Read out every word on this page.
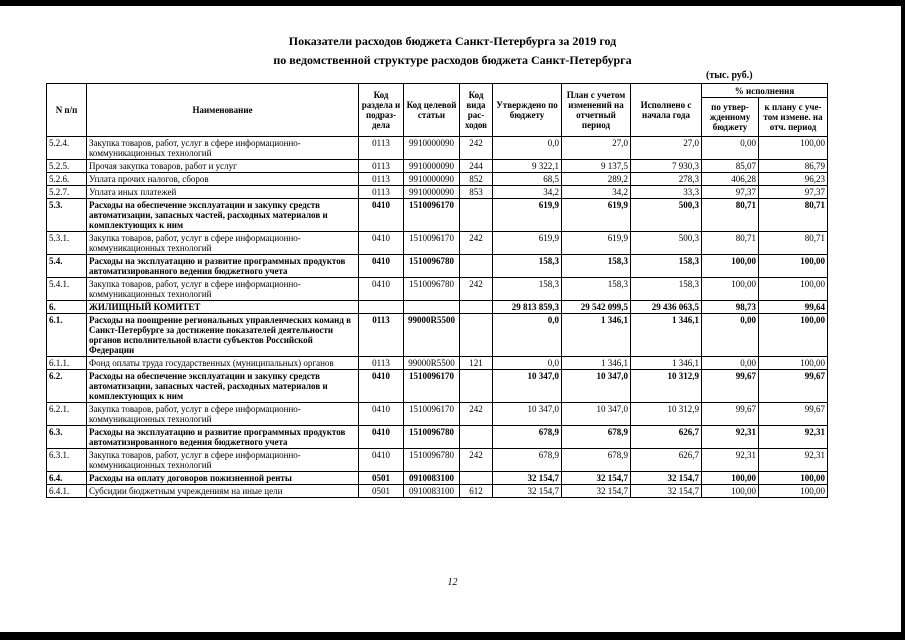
Показатели расходов бюджета Санкт-Петербурга за 2019 год
по ведомственной структуре расходов бюджета Санкт-Петербурга
(тыс. руб.)
N п/п	Наименование	Код раздела и подраз-дела	Код целевой статьи	Код вида рас-ходов	Утверждено по бюджету	План с учетом изменений на отчетный период	Исполнено с начала года	% исполнения	
								по утвер-жденному бюджету	к плану с уче-том измене. на отч. период
5.2.4.	Закупка товаров, работ, услуг в сфере информационно-коммуникационных технологий	0113	9910000090	242	0,0	27,0	27,0	0,00	100,00
5.2.5.	Прочая закупка товаров, работ и услуг	0113	9910000090	244	9 322,1	9 137,5	7 930,3	85,07	86,79
5.2.6.	Уплата прочих налогов, сборов	0113	9910000090	852	68,5	289,2	278,3	406,28	96,23
5.2.7.	Уплата иных платежей	0113	9910000090	853	34,2	34,2	33,3	97,37	97,37
5.3.	Расходы на обеспечение эксплуатации и закупку средств автоматизации, запасных частей, расходных материалов и комплектующих к ним	0410	1510096170		619,9	619,9	500,3	80,71	80,71
5.3.1.	Закупка товаров, работ, услуг в сфере информационно-коммуникационных технологий	0410	1510096170	242	619,9	619,9	500,3	80,71	80,71
5.4.	Расходы на эксплуатацию и развитие программных продуктов автоматизированного ведения бюджетного учета	0410	1510096780		158,3	158,3	158,3	100,00	100,00
5.4.1.	Закупка товаров, работ, услуг в сфере информационно-коммуникационных технологий	0410	1510096780	242	158,3	158,3	158,3	100,00	100,00
6.	ЖИЛИЩНЫЙ КОМИТЕТ				29 813 859,3	29 542 099,5	29 436 063,5	98,73	99,64
6.1.	Расходы на поощрение региональных управленческих команд в Санкт-Петербурге за достижение показателей деятельности органов исполнительной власти субъектов Российской Федерации	0113	99000R5500		0,0	1 346,1	1 346,1	0,00	100,00
6.1.1.	Фонд оплаты труда государственных (муниципальных) органов	0113	99000R5500	121	0,0	1 346,1	1 346,1	0,00	100,00
6.2.	Расходы на обеспечение эксплуатации и закупку средств автоматизации, запасных частей, расходных материалов и комплектующих к ним	0410	1510096170		10 347,0	10 347,0	10 312,9	99,67	99,67
6.2.1.	Закупка товаров, работ, услуг в сфере информационно-коммуникационных технологий	0410	1510096170	242	10 347,0	10 347,0	10 312,9	99,67	99,67
6.3.	Расходы на эксплуатацию и развитие программных продуктов автоматизированного ведения бюджетного учета	0410	1510096780		678,9	678,9	626,7	92,31	92,31
6.3.1.	Закупка товаров, работ, услуг в сфере информационно-коммуникационных технологий	0410	1510096780	242	678,9	678,9	626,7	92,31	92,31
6.4.	Расходы на оплату договоров пожизненной ренты	0501	0910083100		32 154,7	32 154,7	32 154,7	100,00	100,00
6.4.1.	Субсидии бюджетным учреждениям на иные цели	0501	0910083100	612	32 154,7	32 154,7	32 154,7	100,00	100,00
12
